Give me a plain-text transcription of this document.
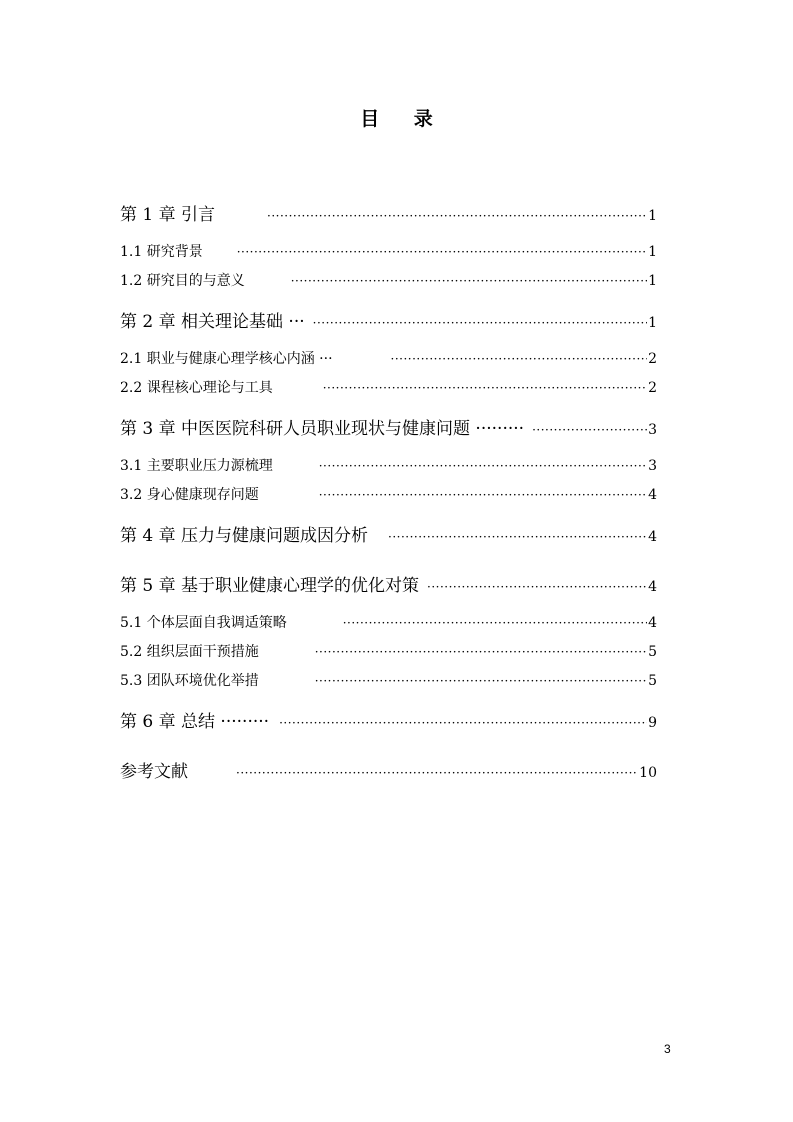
目 录
第 1 章 引言 ·····	1
1.1 研究背景 ·····	1
1.2 研究目的与意义 ·····	1
第 2 章 相关理论基础 ··· ·····	1
2.1 职业与健康心理学核心内涵 ··· ·····	2
2.2 课程核心理论与工具 ·····	2
第 3 章 中医医院科研人员职业现状与健康问题 ········· ·····	3
3.1 主要职业压力源梳理 ·····	3
3.2 身心健康现存问题 ·····	4
第 4 章 压力与健康问题成因分析 ·····	4
第 5 章 基于职业健康心理学的优化对策 ·····	4
5.1 个体层面自我调适策略 ·····	4
5.2 组织层面干预措施 ·····	5
5.3 团队环境优化举措 ·····	5
第 6 章 总结 ········· ·····	9
参考文献 ·····	10
3
